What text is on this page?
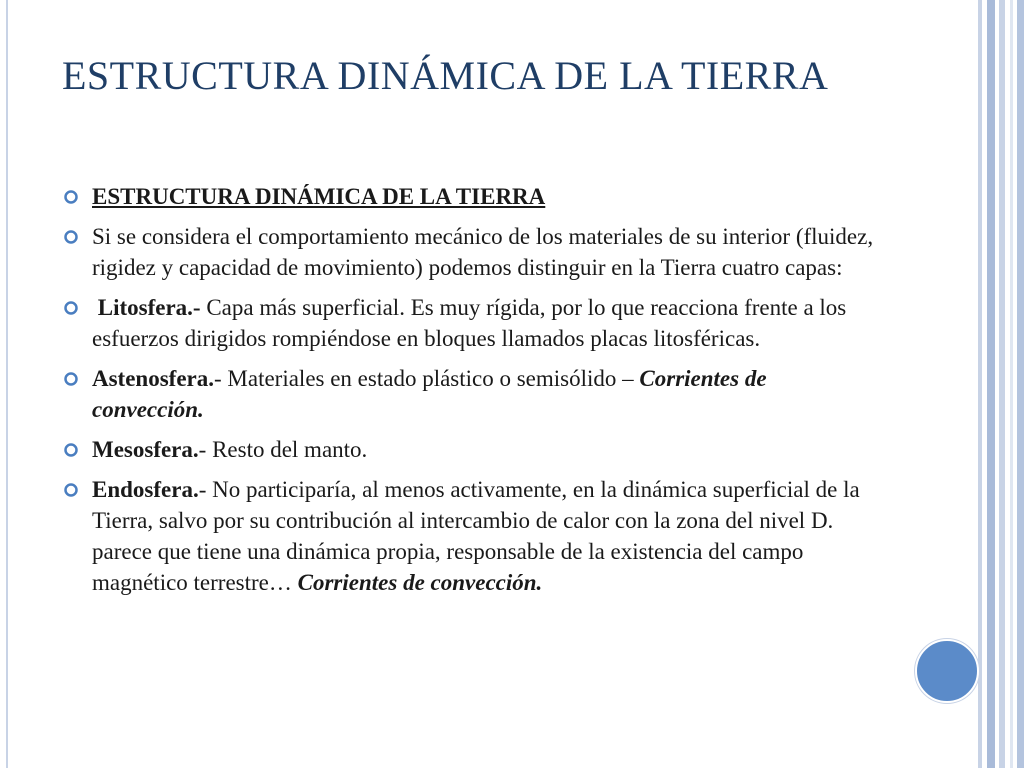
ESTRUCTURA DINÁMICA DE LA TIERRA
ESTRUCTURA DINÁMICA DE LA TIERRA
Si se considera el comportamiento mecánico de los materiales de su interior (fluidez, rigidez y capacidad de movimiento) podemos distinguir en la Tierra cuatro capas:
Litosfera.- Capa más superficial. Es muy rígida, por lo que reacciona frente a los esfuerzos dirigidos rompiéndose en bloques llamados placas litosféricas.
Astenosfera.- Materiales en estado plástico o semisólido – Corrientes de convección.
Mesosfera.- Resto del manto.
Endosfera.- No participaría, al menos activamente, en la dinámica superficial de la Tierra, salvo por su contribución al intercambio de calor con la zona del nivel D. parece que tiene una dinámica propia, responsable de la existencia del campo magnético terrestre… Corrientes de convección.
